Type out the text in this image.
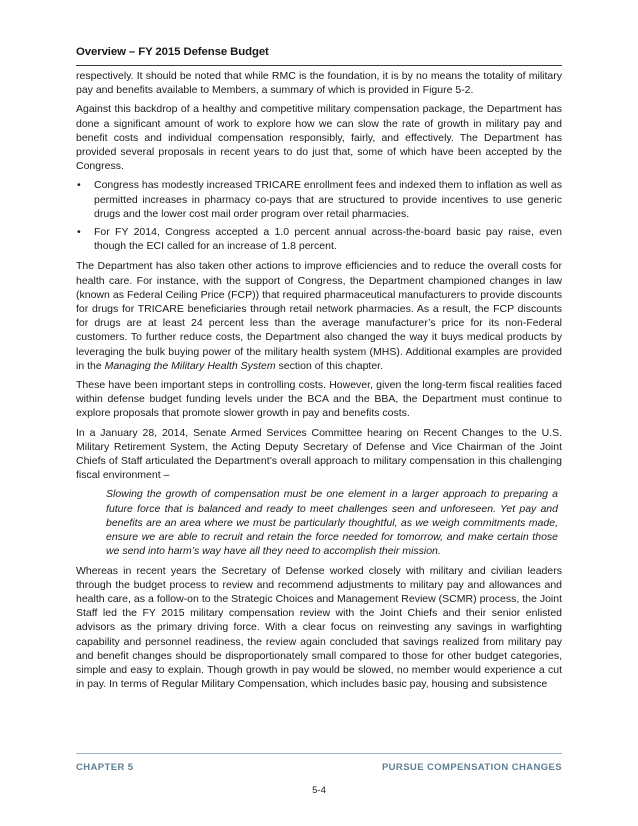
Overview – FY 2015 Defense Budget

respectively. It should be noted that while RMC is the foundation, it is by no means the totality of military pay and benefits available to Members, a summary of which is provided in Figure 5-2.

Against this backdrop of a healthy and competitive military compensation package, the Department has done a significant amount of work to explore how we can slow the rate of growth in military pay and benefit costs and individual compensation responsibly, fairly, and effectively. The Department has provided several proposals in recent years to do just that, some of which have been accepted by the Congress.

• Congress has modestly increased TRICARE enrollment fees and indexed them to inflation as well as permitted increases in pharmacy co-pays that are structured to provide incentives to use generic drugs and the lower cost mail order program over retail pharmacies.
• For FY 2014, Congress accepted a 1.0 percent annual across-the-board basic pay raise, even though the ECI called for an increase of 1.8 percent.

The Department has also taken other actions to improve efficiencies and to reduce the overall costs for health care. For instance, with the support of Congress, the Department championed changes in law (known as Federal Ceiling Price (FCP)) that required pharmaceutical manufacturers to provide discounts for drugs for TRICARE beneficiaries through retail network pharmacies. As a result, the FCP discounts for drugs are at least 24 percent less than the average manufacturer’s price for its non-Federal customers. To further reduce costs, the Department also changed the way it buys medical products by leveraging the bulk buying power of the military health system (MHS). Additional examples are provided in the Managing the Military Health System section of this chapter.

These have been important steps in controlling costs. However, given the long-term fiscal realities faced within defense budget funding levels under the BCA and the BBA, the Department must continue to explore proposals that promote slower growth in pay and benefits costs.

In a January 28, 2014, Senate Armed Services Committee hearing on Recent Changes to the U.S. Military Retirement System, the Acting Deputy Secretary of Defense and Vice Chairman of the Joint Chiefs of Staff articulated the Department’s overall approach to military compensation in this challenging fiscal environment –

Slowing the growth of compensation must be one element in a larger approach to preparing a future force that is balanced and ready to meet challenges seen and unforeseen. Yet pay and benefits are an area where we must be particularly thoughtful, as we weigh commitments made, ensure we are able to recruit and retain the force needed for tomorrow, and make certain those we send into harm’s way have all they need to accomplish their mission.

Whereas in recent years the Secretary of Defense worked closely with military and civilian leaders through the budget process to review and recommend adjustments to military pay and allowances and health care, as a follow-on to the Strategic Choices and Management Review (SCMR) process, the Joint Staff led the FY 2015 military compensation review with the Joint Chiefs and their senior enlisted advisors as the primary driving force. With a clear focus on reinvesting any savings in warfighting capability and personnel readiness, the review again concluded that savings realized from military pay and benefit changes should be disproportionately small compared to those for other budget categories, simple and easy to explain. Though growth in pay would be slowed, no member would experience a cut in pay. In terms of Regular Military Compensation, which includes basic pay, housing and subsistence

CHAPTER 5	PURSUE COMPENSATION CHANGES
5-4
